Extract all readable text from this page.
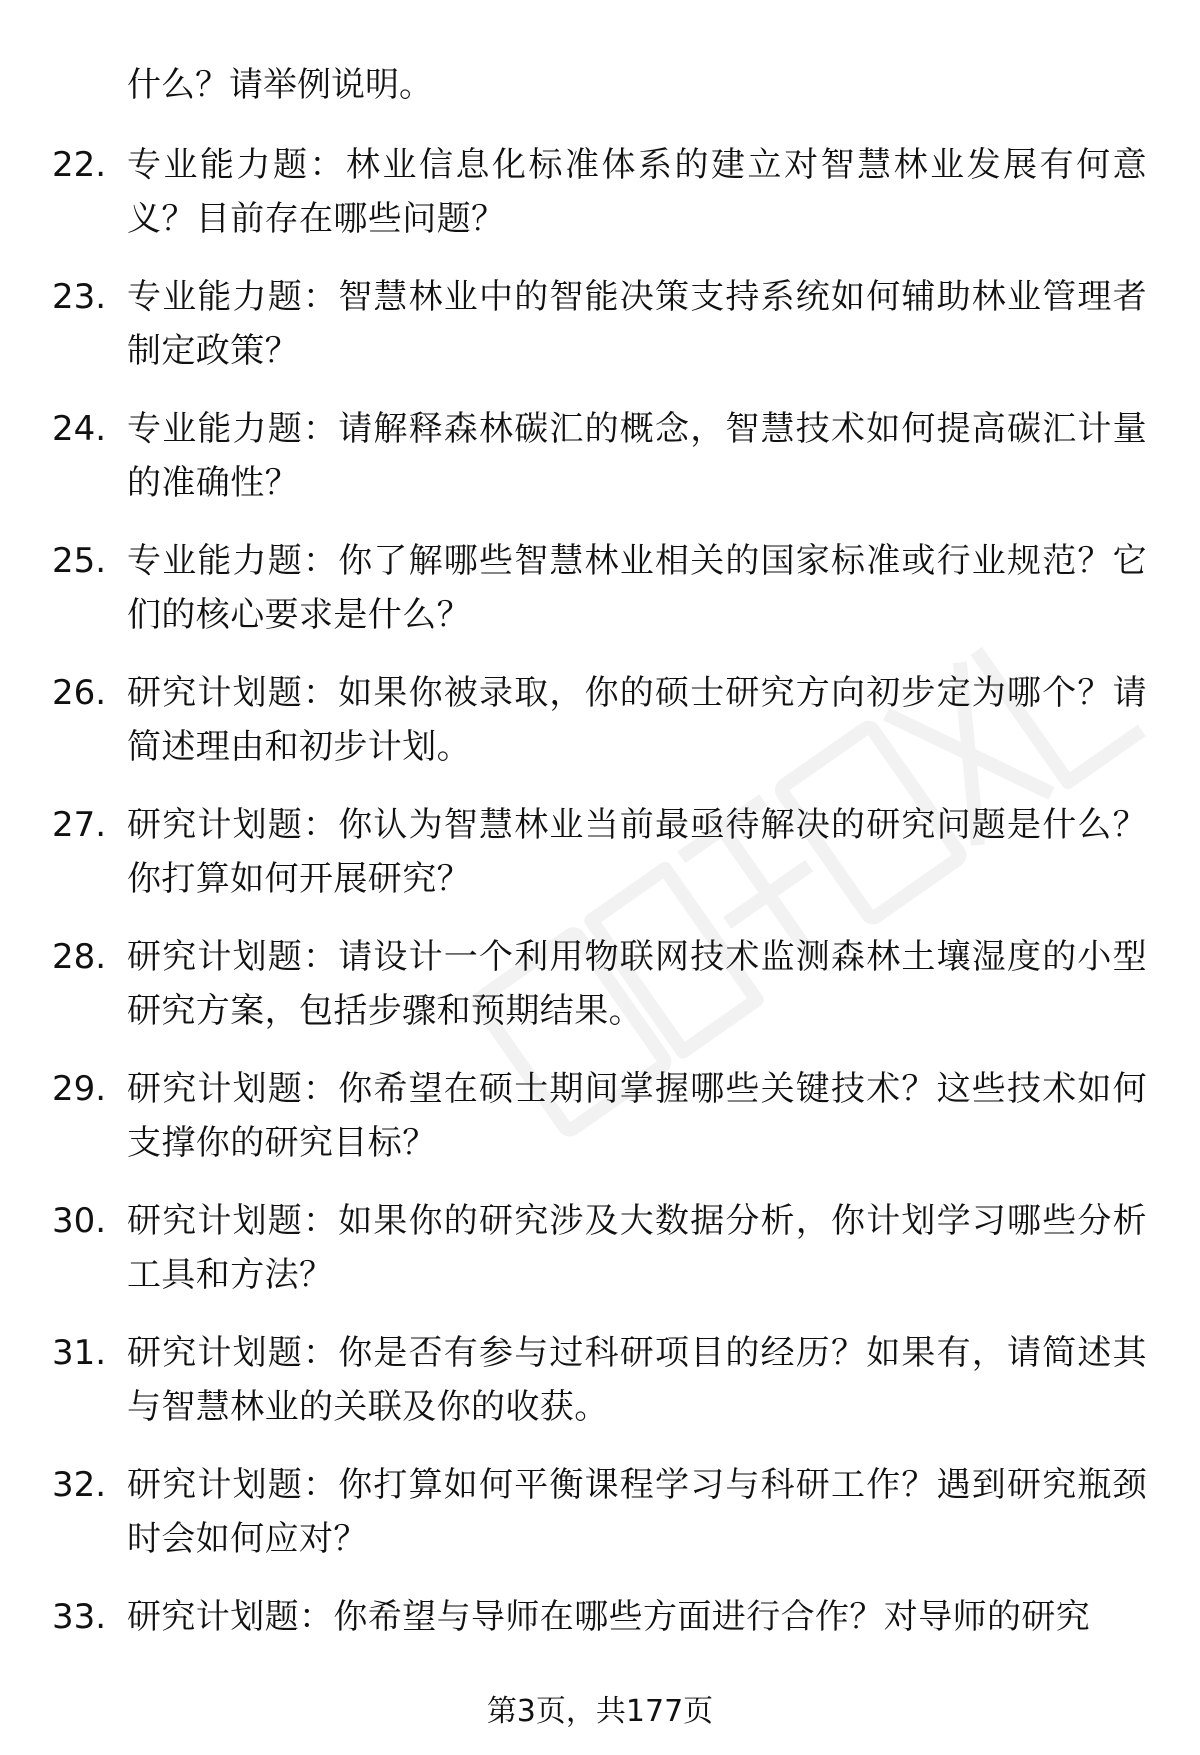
什么？请举例说明。
22. 专业能力题：林业信息化标准体系的建立对智慧林业发展有何意义？目前存在哪些问题？
23. 专业能力题：智慧林业中的智能决策支持系统如何辅助林业管理者制定政策？
24. 专业能力题：请解释森林碳汇的概念，智慧技术如何提高碳汇计量的准确性？
25. 专业能力题：你了解哪些智慧林业相关的国家标准或行业规范？它们的核心要求是什么？
26. 研究计划题：如果你被录取，你的硕士研究方向初步定为哪个？请简述理由和初步计划。
27. 研究计划题：你认为智慧林业当前最亟待解决的研究问题是什么？你打算如何开展研究？
28. 研究计划题：请设计一个利用物联网技术监测森林土壤湿度的小型研究方案，包括步骤和预期结果。
29. 研究计划题：你希望在硕士期间掌握哪些关键技术？这些技术如何支撑你的研究目标？
30. 研究计划题：如果你的研究涉及大数据分析，你计划学习哪些分析工具和方法？
31. 研究计划题：你是否有参与过科研项目的经历？如果有，请简述其与智慧林业的关联及你的收获。
32. 研究计划题：你打算如何平衡课程学习与科研工作？遇到研究瓶颈时会如何应对？
33. 研究计划题：你希望与导师在哪些方面进行合作？对导师的研究
第3页，共177页
